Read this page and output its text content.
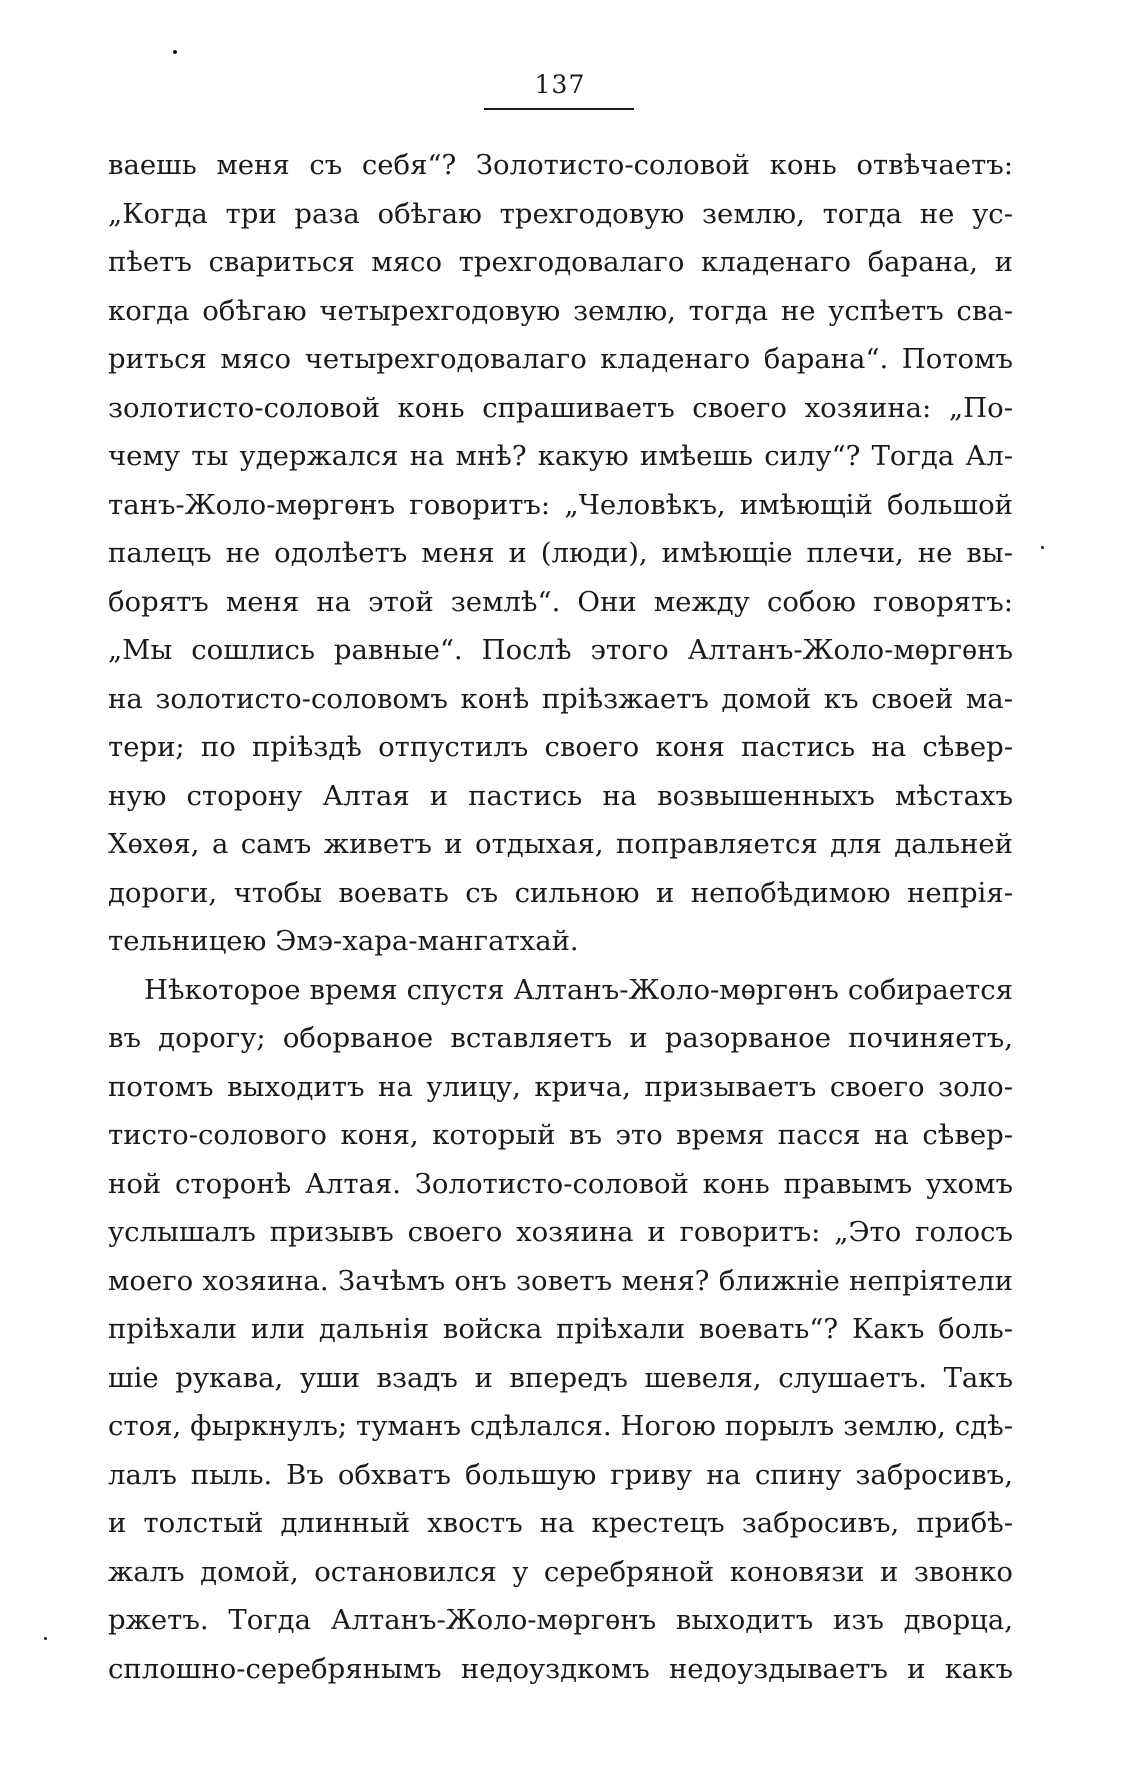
137
ваешь меня съ себя“? Золотисто-соловой конь отвѣчаетъ:
„Когда три раза обѣгаю трехгодовую землю, тогда не ус-
пѣетъ свариться мясо трехгодовалаго кладенаго барана, и
когда обѣгаю четырехгодовую землю, тогда не успѣетъ сва-
риться мясо четырехгодовалаго кладенаго барана“. Потомъ
золотисто-соловой конь спрашиваетъ своего хозяина: „По-
чему ты удержался на мнѣ? какую имѣешь силу“? Тогда Ал-
танъ-Жоло-мѳргѳнъ говоритъ: „Человѣкъ, имѣющій большой
палецъ не одолѣетъ меня и (люди), имѣющіе плечи, не вы-
борятъ меня на этой землѣ“. Они между собою говорятъ:
„Мы сошлись равные“. Послѣ этого Алтанъ-Жоло-мѳргѳнъ
на золотисто-соловомъ конѣ пріѣзжаетъ домой къ своей ма-
тери; по пріѣздѣ отпустилъ своего коня пастись на сѣвер-
ную сторону Алтая и пастись на возвышенныхъ мѣстахъ
Хѳхѳя, а самъ живетъ и отдыхая, поправляется для дальней
дороги, чтобы воевать съ сильною и непобѣдимою непрія-
тельницею Эмэ-хара-мангатхай.
Нѣкоторое время спустя Алтанъ-Жоло-мѳргѳнъ собирается
въ дорогу; оборваное вставляетъ и разорваное починяетъ,
потомъ выходитъ на улицу, крича, призываетъ своего золо-
тисто-солового коня, который въ это время пасся на сѣвер-
ной сторонѣ Алтая. Золотисто-соловой конь правымъ ухомъ
услышалъ призывъ своего хозяина и говоритъ: „Это голосъ
моего хозяина. Зачѣмъ онъ зоветъ меня? ближніе непріятели
пріѣхали или дальнія войска пріѣхали воевать“? Какъ боль-
шіе рукава, уши взадъ и впередъ шевеля, слушаетъ. Такъ
стоя, фыркнулъ; туманъ сдѣлался. Ногою порылъ землю, сдѣ-
лалъ пыль. Въ обхватъ большую гриву на спину забросивъ,
и толстый длинный хвостъ на крестецъ забросивъ, прибѣ-
жалъ домой, остановился у серебряной коновязи и звонко
ржетъ. Тогда Алтанъ-Жоло-мѳргѳнъ выходитъ изъ дворца,
сплошно-серебрянымъ недоуздкомъ недоуздываетъ и какъ
